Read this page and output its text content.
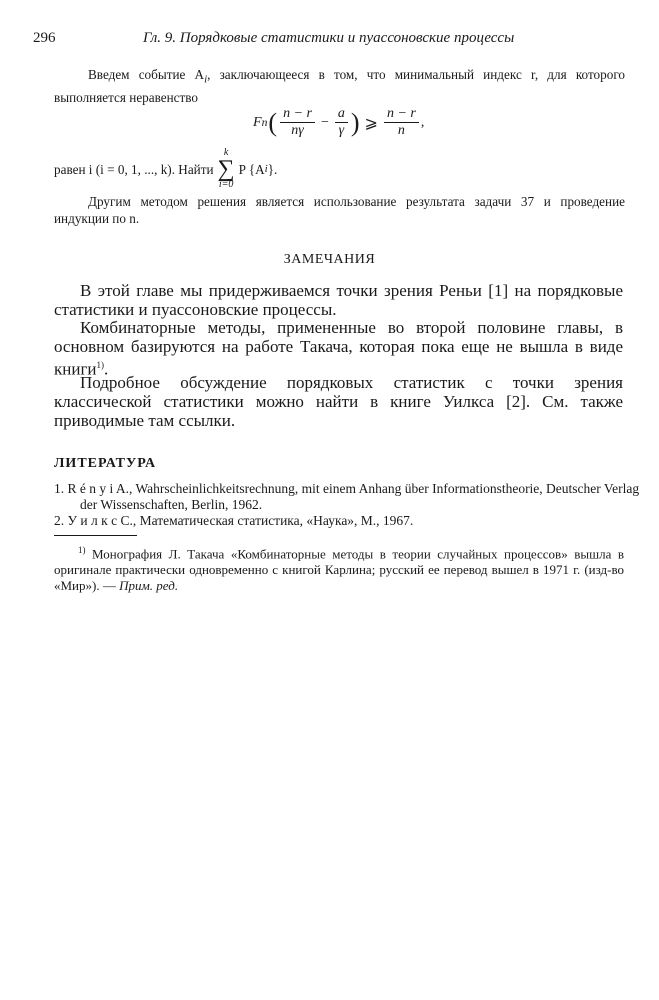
296	Гл. 9. Порядковые статистики и пуассоновские процессы
Введем событие $A_i$, заключающееся в том, что минимальный индекс r, для которого выполняется неравенство
F n ( $\frac{n - r}{n\gamma} - \frac{a}{\gamma}$ ) ⩾ $\frac{n - r}{n}$ ,
равен i (i = 0, 1, ..., k). Найти
k
∑
i=0
P {A i }.
Другим методом решения является использование результата задачи 37 и проведение индукции по n.
ЗАМЕЧАНИЯ
В этой главе мы придерживаемся точки зрения Реньи [1] на порядковые статистики и пуассоновские процессы.
Комбинаторные методы, примененные во второй половине главы, в основном базируются на работе Такача, которая пока еще не вышла в виде книги$^{1)}$.
Подробное обсуждение порядковых статистик с точки зрения классической статистики можно найти в книге Уилкса [2]. См. также приводимые там ссылки.
ЛИТЕРАТУРА
1. R é n y i A., Wahrscheinlichkeitsrechnung, mit einem Anhang über Informationstheorie, Deutscher Verlag der Wissenschaften, Berlin, 1962.
2. У и л к с С., Математическая статистика, «Наука», М., 1967.
$^{1)}$ Монография Л. Такача «Комбинаторные методы в теории случайных процессов» вышла в оригинале практически одновременно с книгой Карлина; русский ее перевод вышел в 1971 г. (изд-во «Мир»). — Прим. ред.
